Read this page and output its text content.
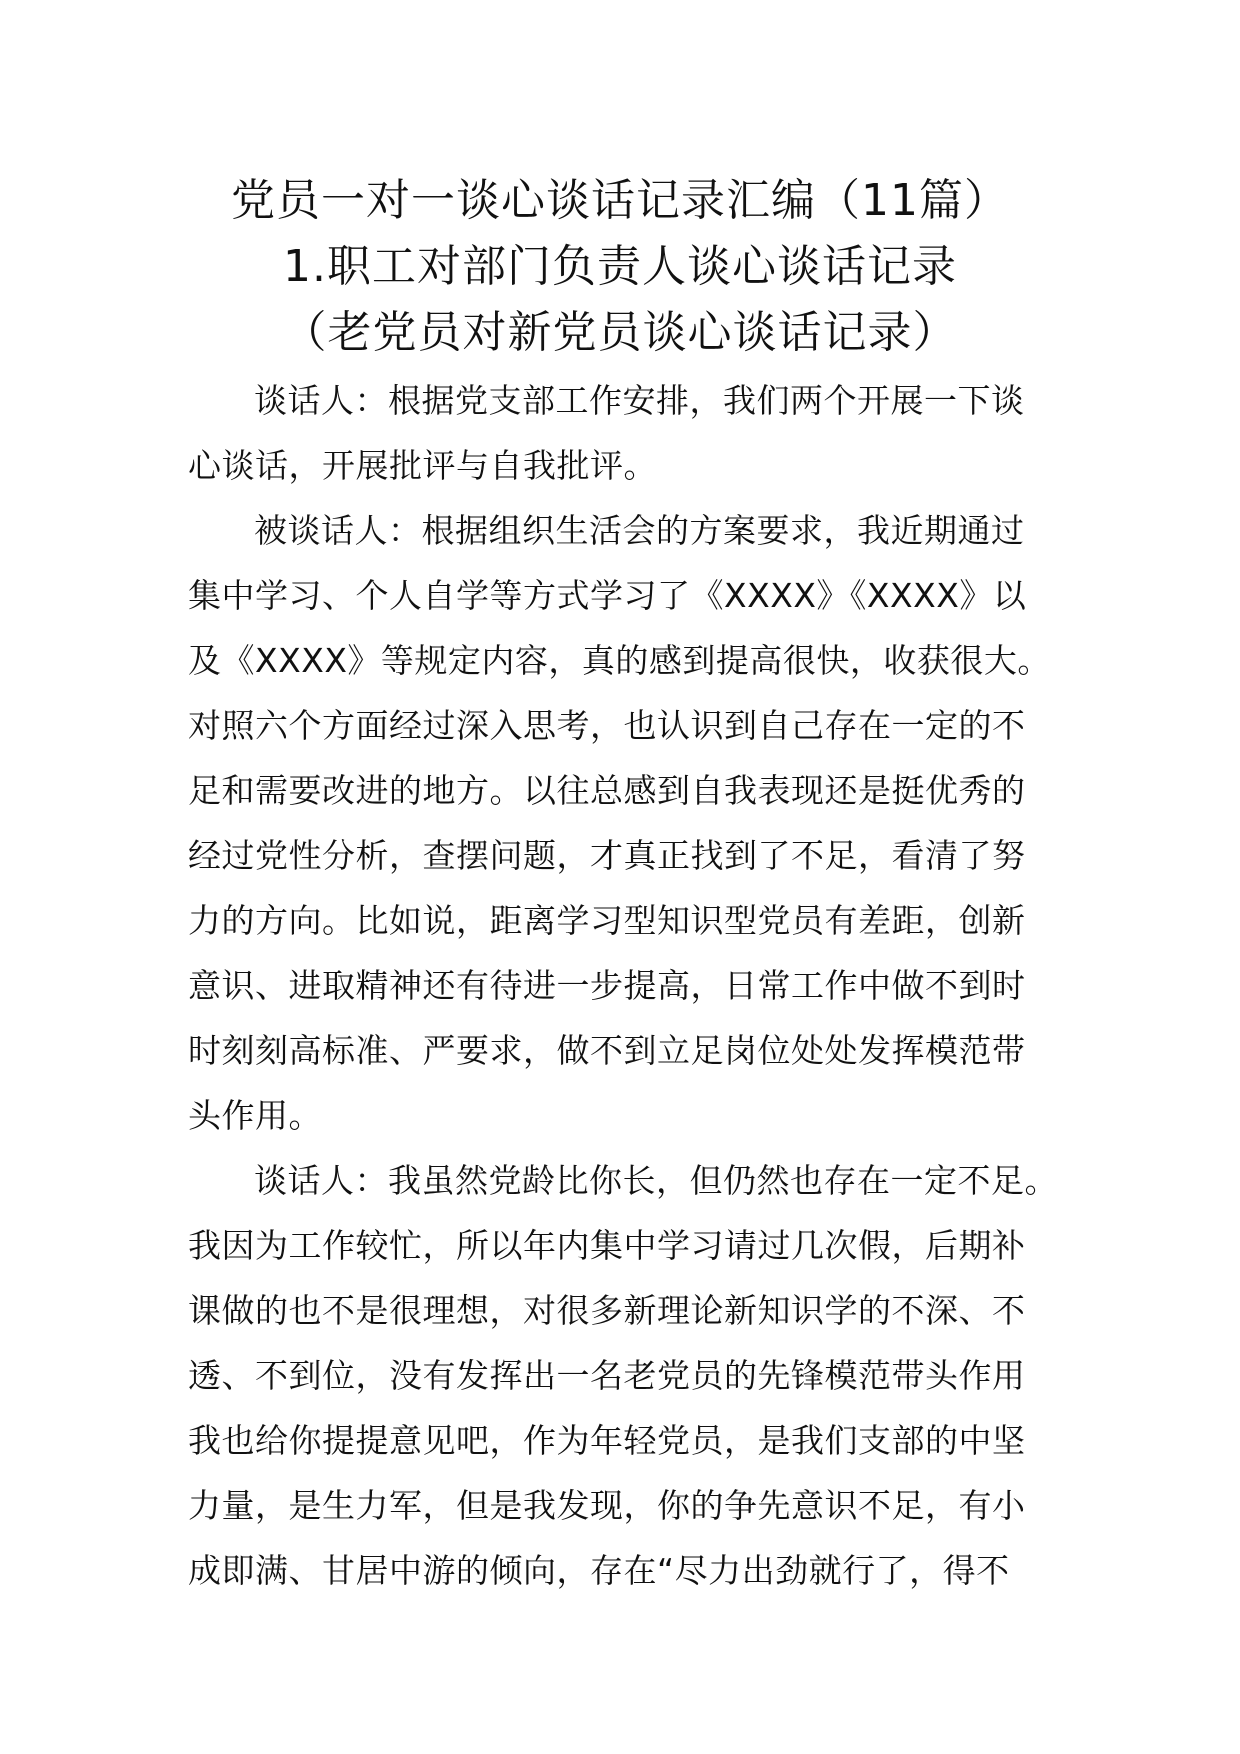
党员一对一谈心谈话记录汇编（11篇）
1.职工对部门负责人谈心谈话记录
（老党员对新党员谈心谈话记录）
谈话人：根据党支部工作安排，我们两个开展一下谈
心谈话，开展批评与自我批评。
被谈话人：根据组织生活会的方案要求，我近期通过
集中学习、个人自学等方式学习了《XXXX》《XXXX》以
及《XXXX》等规定内容，真的感到提高很快，收获很大。
对照六个方面经过深入思考，也认识到自己存在一定的不
足和需要改进的地方。以往总感到自我表现还是挺优秀的
经过党性分析，查摆问题，才真正找到了不足，看清了努
力的方向。比如说，距离学习型知识型党员有差距，创新
意识、进取精神还有待进一步提高，日常工作中做不到时
时刻刻高标准、严要求，做不到立足岗位处处发挥模范带
头作用。
谈话人：我虽然党龄比你长，但仍然也存在一定不足。
我因为工作较忙，所以年内集中学习请过几次假，后期补
课做的也不是很理想，对很多新理论新知识学的不深、不
透、不到位，没有发挥出一名老党员的先锋模范带头作用
我也给你提提意见吧，作为年轻党员，是我们支部的中坚
力量，是生力军，但是我发现，你的争先意识不足，有小
成即满、甘居中游的倾向，存在“尽力出劲就行了，得不
